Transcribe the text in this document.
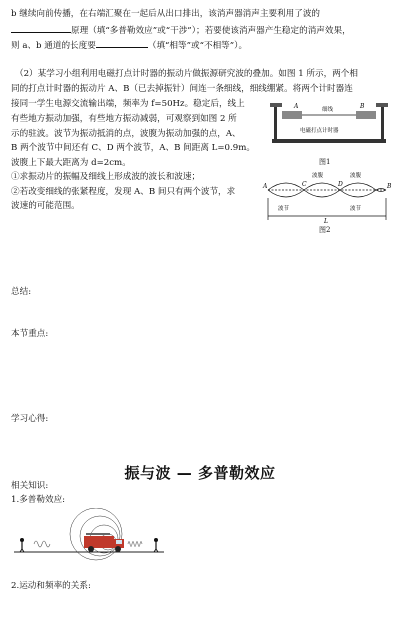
b 继续向前传播，在右端汇聚在一起后从出口排出，该消声器消声主要利用了波的
原理（填“多普勒效应”或“干涉”）；若要使该消声器产生稳定的消声效果，
则 a、b 通道的长度要	（填“相等”或“不相等”）。
（2）某学习小组利用电磁打点计时器的振动片做振源研究波的叠加。如图 1 所示，两个相
同的打点计时器的振动片 A、B（已去掉振针）间连一条细线，细线绷紧。将两个计时器连
接同一学生电源交流输出端，频率为 f=50Hz。稳定后，线上
有些地方振动加强，有些地方振动减弱，可观察到如图 2 所
示的驻波。波节为振动抵消的点，波腹为振动加强的点，A、
B 两个波节中间还有 C、D 两个波节，A、B 间距离 L=0.9m。
波腹上下最大距离为 d=2cm。
①求振动片的振幅及细线上形成波的波长和波速；
②若改变细线的张紧程度，发现 A、B 间只有两个波节，求
波速的可能范围。
A	B
细线
电磁打点计时器
图1
A	C	D	B
波腹	波腹
波节	波节
L
图2
总结:
本节重点:
学习心得:
振与波 — 多普勒效应
相关知识:
1.多普勒效应:
2.运动和频率的关系:
